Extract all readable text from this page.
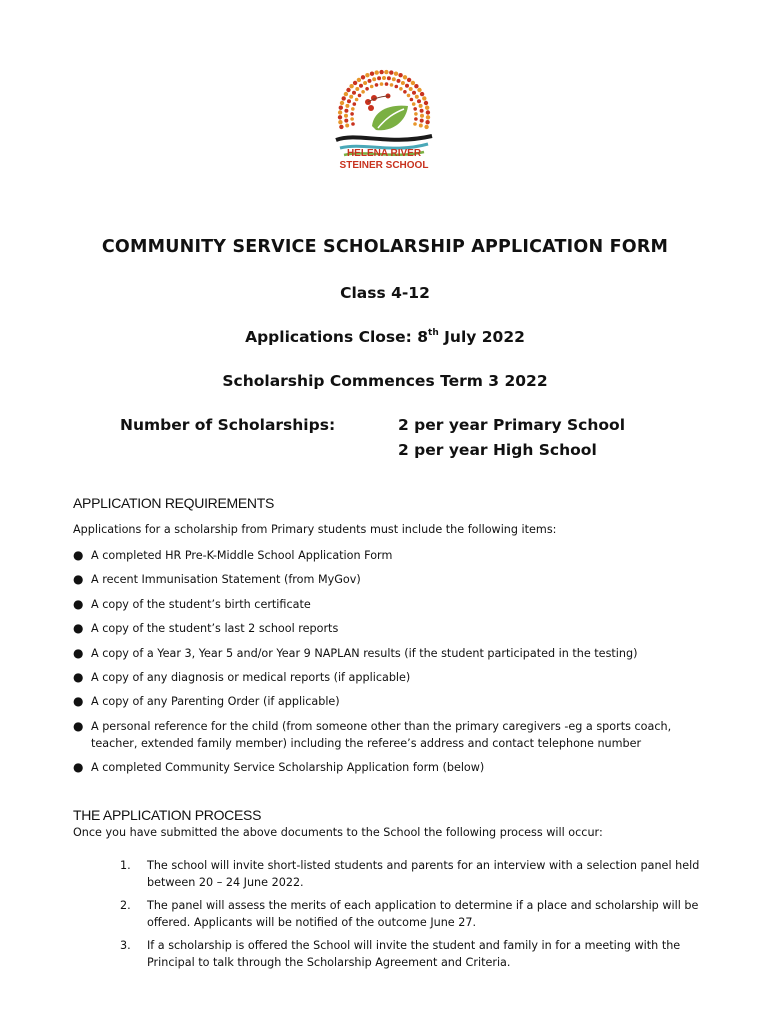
HELENA RIVER
STEINER SCHOOL
COMMUNITY SERVICE SCHOLARSHIP APPLICATION FORM

Class 4-12

Applications Close: 8th July 2022

Scholarship Commences Term 3 2022

Number of Scholarships:	2 per year Primary School
2 per year High School
APPLICATION REQUIREMENTS

Applications for a scholarship from Primary students must include the following items:

● A completed HR Pre-K-Middle School Application Form
● A recent Immunisation Statement (from MyGov)
● A copy of the student’s birth certificate
● A copy of the student’s last 2 school reports
● A copy of a Year 3, Year 5 and/or Year 9 NAPLAN results (if the student participated in the testing)
● A copy of any diagnosis or medical reports (if applicable)
● A copy of any Parenting Order (if applicable)
● A personal reference for the child (from someone other than the primary caregivers -eg a sports coach, teacher, extended family member) including the referee’s address and contact telephone number
● A completed Community Service Scholarship Application form (below)
THE APPLICATION PROCESS

Once you have submitted the above documents to the School the following process will occur:

1. The school will invite short-listed students and parents for an interview with a selection panel held between 20 – 24 June 2022.
2. The panel will assess the merits of each application to determine if a place and scholarship will be offered. Applicants will be notified of the outcome June 27.
3. If a scholarship is offered the School will invite the student and family in for a meeting with the Principal to talk through the Scholarship Agreement and Criteria.
